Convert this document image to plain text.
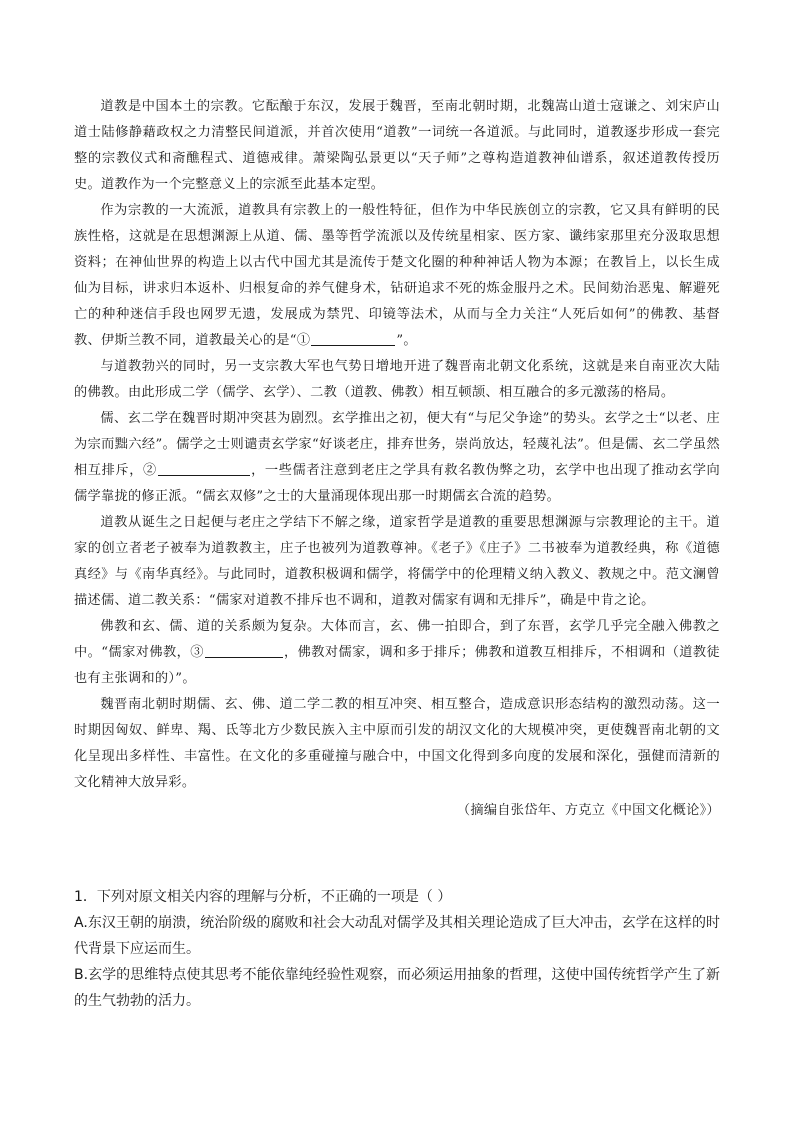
道教是中国本土的宗教。它酝酿于东汉，发展于魏晋，至南北朝时期，北魏嵩山道士寇谦之、刘宋庐山道士陆修静藉政权之力清整民间道派，并首次使用“道教”一词统一各道派。与此同时，道教逐步形成一套完整的宗教仪式和斋醮程式、道德戒律。萧梁陶弘景更以“天子师”之尊构造道教神仙谱系，叙述道教传授历史。道教作为一个完整意义上的宗派至此基本定型。

作为宗教的一大流派，道教具有宗教上的一般性特征，但作为中华民族创立的宗教，它又具有鲜明的民族性格，这就是在思想渊源上从道、儒、墨等哲学流派以及传统星相家、医方家、谶纬家那里充分汲取思想资料；在神仙世界的构造上以古代中国尤其是流传于楚文化圈的种种神话人物为本源；在教旨上，以长生成仙为目标，讲求归本返朴、归根复命的养气健身术，钻研追求不死的炼金服丹之术。民间劾治恶鬼、解避死亡的种种迷信手段也网罗无遗，发展成为禁咒、印镜等法术，从而与全力关注“人死后如何”的佛教、基督教、伊斯兰教不同，道教最关心的是“①	”。

与道教勃兴的同时，另一支宗教大军也气势日增地开进了魏晋南北朝文化系统，这就是来自南亚次大陆的佛教。由此形成二学（儒学、玄学）、二教（道教、佛教）相互顿颉、相互融合的多元激荡的格局。

儒、玄二学在魏晋时期冲突甚为剧烈。玄学推出之初，便大有“与尼父争途”的势头。玄学之士“以老、庄为宗而黜六经”。儒学之士则谴责玄学家“好谈老庄，排弃世务，崇尚放达，轻蔑礼法”。但是儒、玄二学虽然相互排斥，②	，一些儒者注意到老庄之学具有救名教伪弊之功，玄学中也出现了推动玄学向儒学靠拢的修正派。“儒玄双修”之士的大量涌现体现出那一时期儒玄合流的趋势。

道教从诞生之日起便与老庄之学结下不解之缘，道家哲学是道教的重要思想渊源与宗教理论的主干。道家的创立者老子被奉为道教教主，庄子也被列为道教尊神。《老子》《庄子》二书被奉为道教经典，称《道德真经》与《南华真经》。与此同时，道教积极调和儒学，将儒学中的伦理精义纳入教义、教规之中。范文澜曾描述儒、道二教关系：“儒家对道教不排斥也不调和，道教对儒家有调和无排斥”，确是中肯之论。

佛教和玄、儒、道的关系颇为复杂。大体而言，玄、佛一拍即合，到了东晋，玄学几乎完全融入佛教之中。“儒家对佛教，③	，佛教对儒家，调和多于排斥；佛教和道教互相排斥，不相调和（道教徒也有主张调和的）”。

魏晋南北朝时期儒、玄、佛、道二学二教的相互冲突、相互整合，造成意识形态结构的激烈动荡。这一时期因匈奴、鲜卑、羯、氐等北方少数民族入主中原而引发的胡汉文化的大规模冲突，更使魏晋南北朝的文化呈现出多样性、丰富性。在文化的多重碰撞与融合中，中国文化得到多向度的发展和深化，强健而清新的文化精神大放异彩。

（摘编自张岱年、方克立《中国文化概论》）

1．下列对原文相关内容的理解与分析，不正确的一项是（ ）

A.东汉王朝的崩溃，统治阶级的腐败和社会大动乱对儒学及其相关理论造成了巨大冲击，玄学在这样的时代背景下应运而生。

B.玄学的思维特点使其思考不能依靠纯经验性观察，而必须运用抽象的哲理，这使中国传统哲学产生了新的生气勃勃的活力。
